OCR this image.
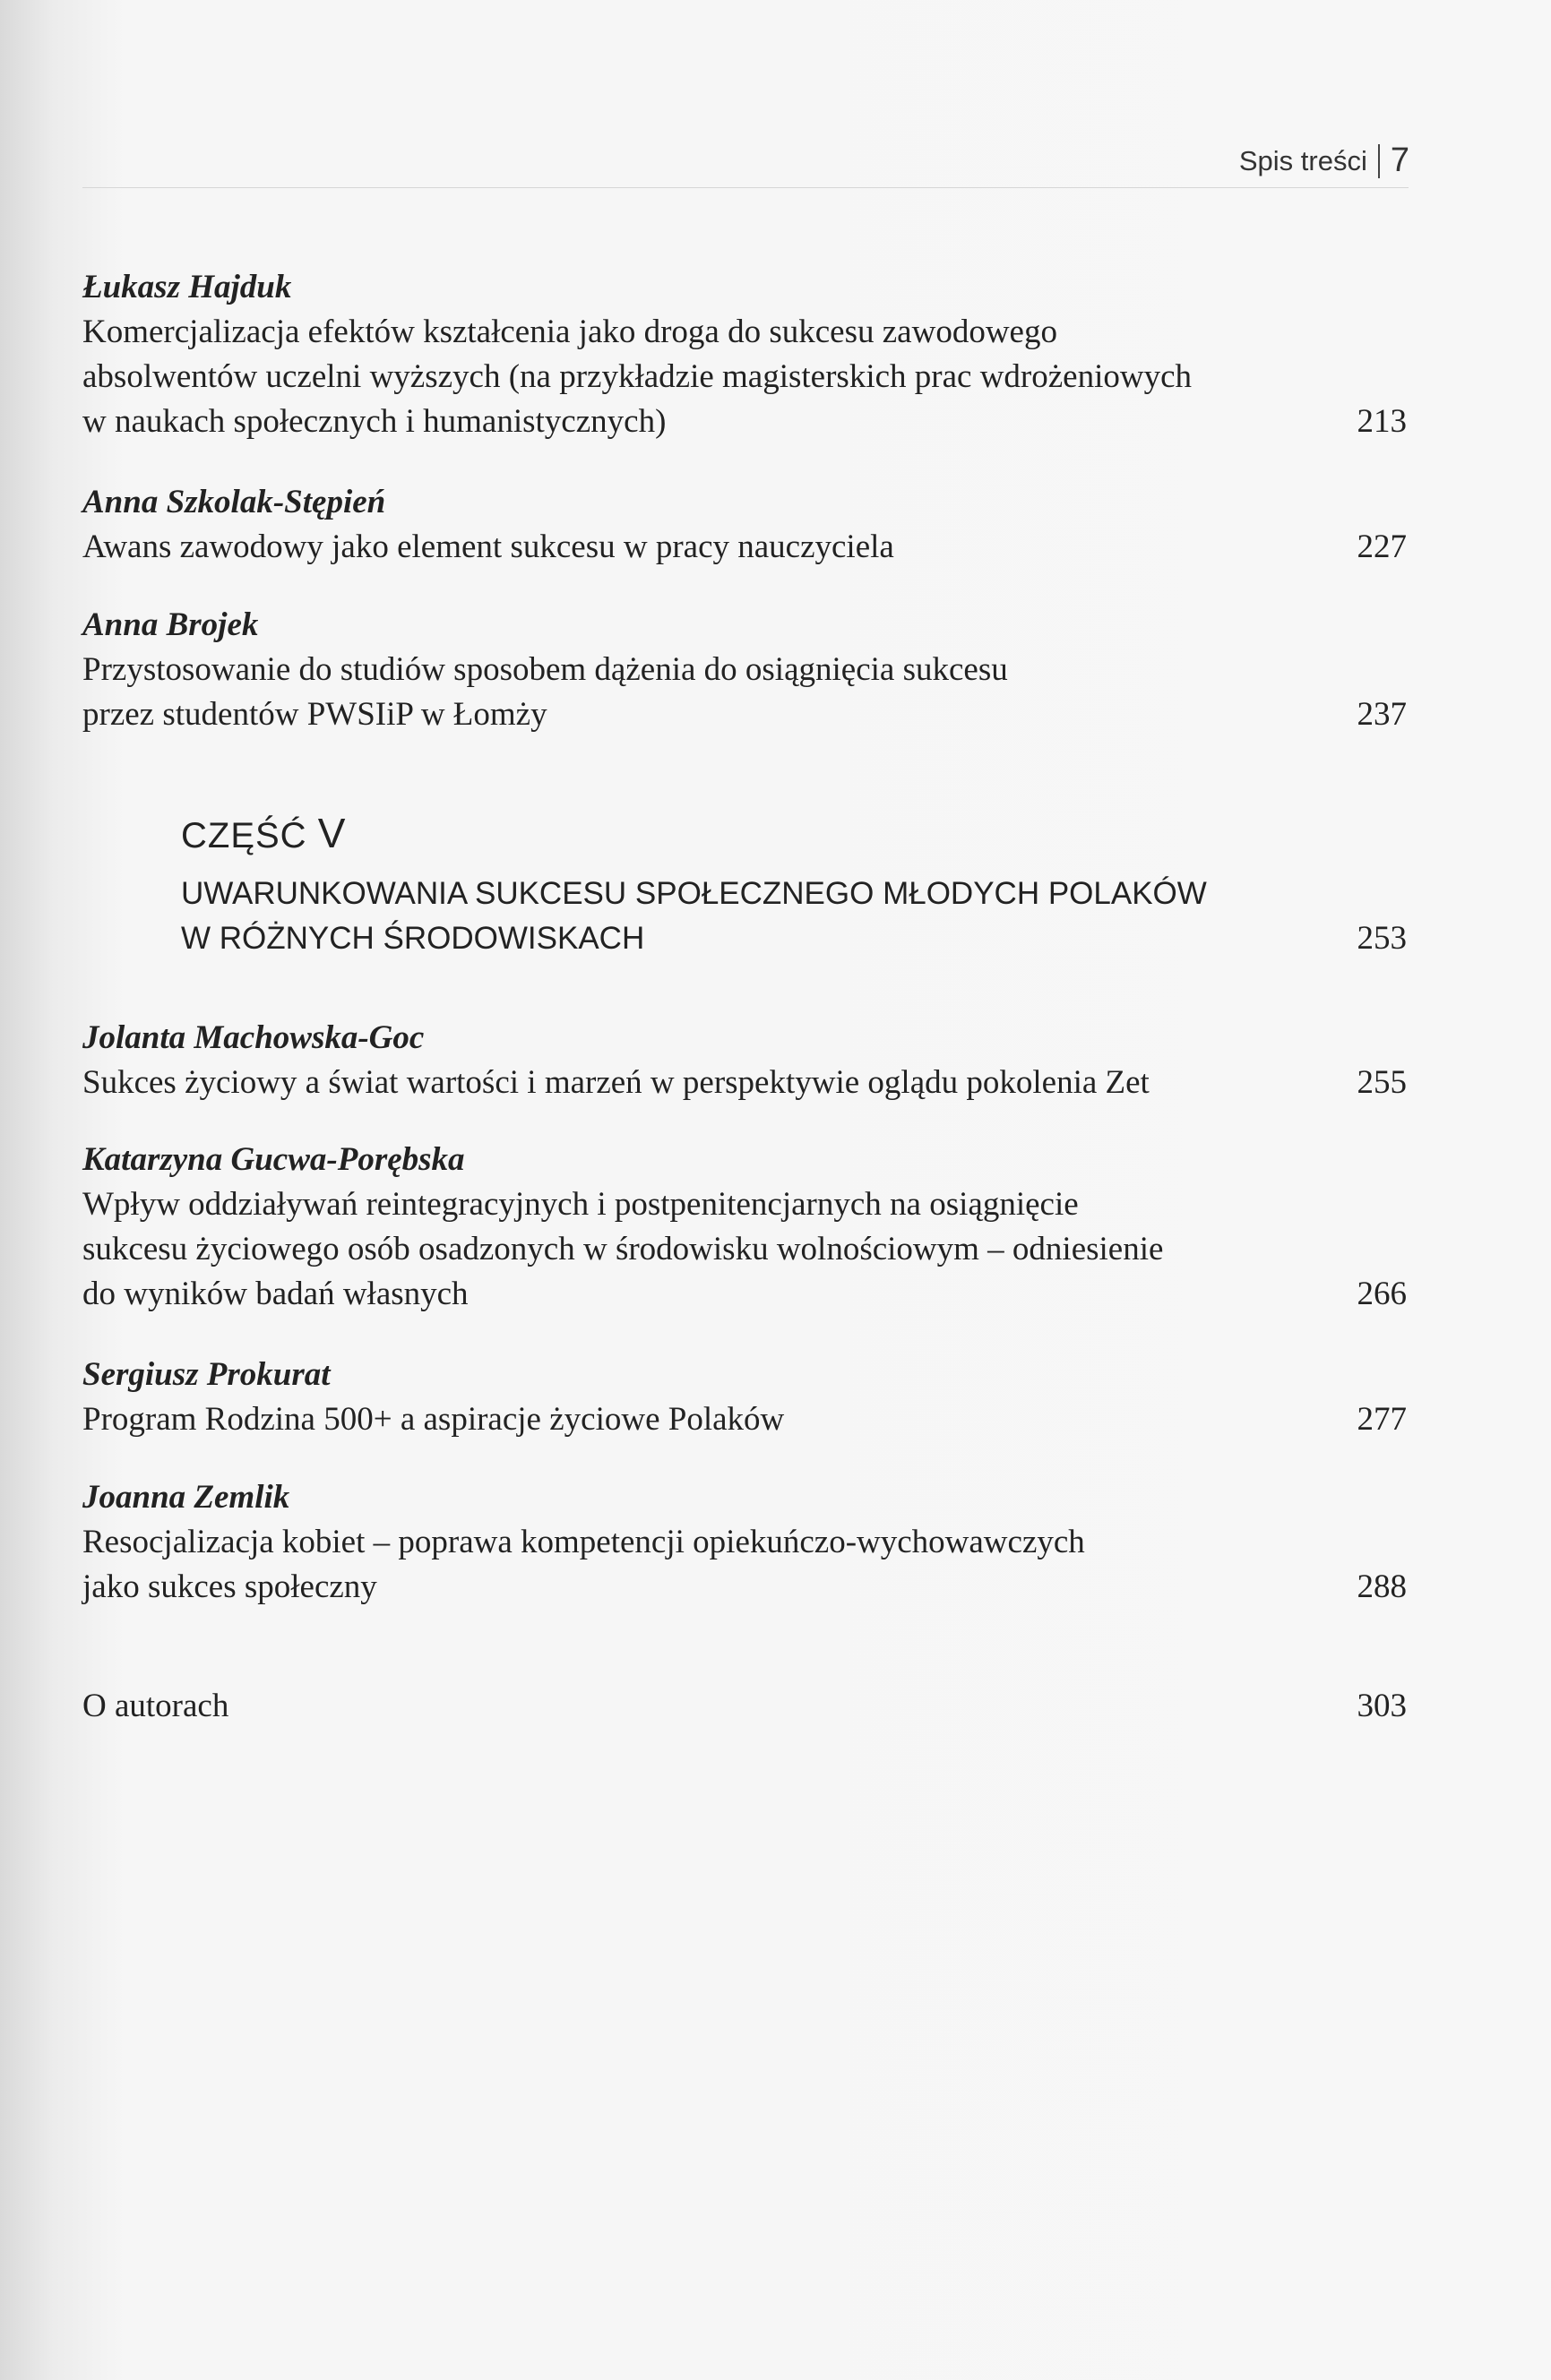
Spis treści 7
Łukasz Hajduk
Komercjalizacja efektów kształcenia jako droga do sukcesu zawodowego
absolwentów uczelni wyższych (na przykładzie magisterskich prac wdrożeniowych
w naukach społecznych i humanistycznych)	213
Anna Szkolak-Stępień
Awans zawodowy jako element sukcesu w pracy nauczyciela	227
Anna Brojek
Przystosowanie do studiów sposobem dążenia do osiągnięcia sukcesu
przez studentów PWSIiP w Łomży	237
CZĘŚĆ V
UWARUNKOWANIA SUKCESU SPOŁECZNEGO MŁODYCH POLAKÓW
W RÓŻNYCH ŚRODOWISKACH	253
Jolanta Machowska-Goc
Sukces życiowy a świat wartości i marzeń w perspektywie oglądu pokolenia Zet	255
Katarzyna Gucwa-Porębska
Wpływ oddziaływań reintegracyjnych i postpenitencjarnych na osiągnięcie
sukcesu życiowego osób osadzonych w środowisku wolnościowym – odniesienie
do wyników badań własnych	266
Sergiusz Prokurat
Program Rodzina 500+ a aspiracje życiowe Polaków	277
Joanna Zemlik
Resocjalizacja kobiet – poprawa kompetencji opiekuńczo-wychowawczych
jako sukces społeczny	288
O autorach	303
